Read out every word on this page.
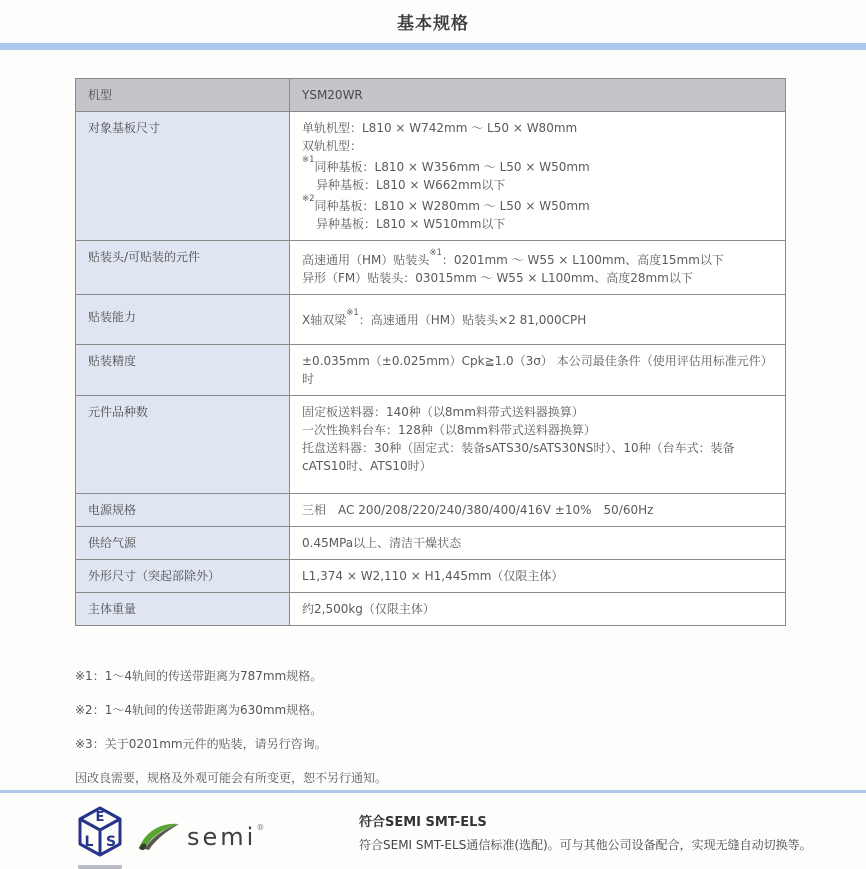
基本规格
机型	YSM20WR

对象基板尺寸	单轨机型：L810 × W742mm ～ L50 × W80mm
双轨机型：
$^{※1}$同种基板：L810 × W356mm ～ L50 × W50mm
异种基板：L810 × W662mm以下
$^{※2}$同种基板：L810 × W280mm ～ L50 × W50mm
异种基板：L810 × W510mm以下

贴装头/可贴装的元件	高速通用（HM）贴装头$^{※1}$：0201mm ～ W55 × L100mm、高度15mm以下
异形（FM）贴装头：03015mm ～ W55 × L100mm、高度28mm以下

贴装能力	X轴双梁$^{※1}$：高速通用（HM）贴装头×2 81,000CPH

贴装精度	±0.035mm（±0.025mm）Cpk≧1.0（3σ） 本公司最佳条件（使用评估用标准元件）时

元件品种数	固定板送料器：140种（以8mm料带式送料器换算）
一次性换料台车：128种（以8mm料带式送料器换算）
托盘送料器：30种（固定式：装备sATS30/sATS30NS时）、10种（台车式：装备cATS10时、ATS10时）

电源规格	三相　AC 200/208/220/240/380/400/416V ±10%　50/60Hz

供给气源	0.45MPa以上、清洁干燥状态

外形尺寸（突起部除外）	L1,374 × W2,110 × H1,445mm（仅限主体）

主体重量	约2,500kg（仅限主体）

※1：1～4轨间的传送带距离为787mm规格。

※2：1～4轨间的传送带距离为630mm规格。

※3：关于0201mm元件的贴装，请另行咨询。

因改良需要，规格及外观可能会有所变更，恕不另行通知。

E
L S	semi®	符合SEMI SMT-ELS
符合SEMI SMT-ELS通信标准(选配)。可与其他公司设备配合，实现无缝自动切换等。
